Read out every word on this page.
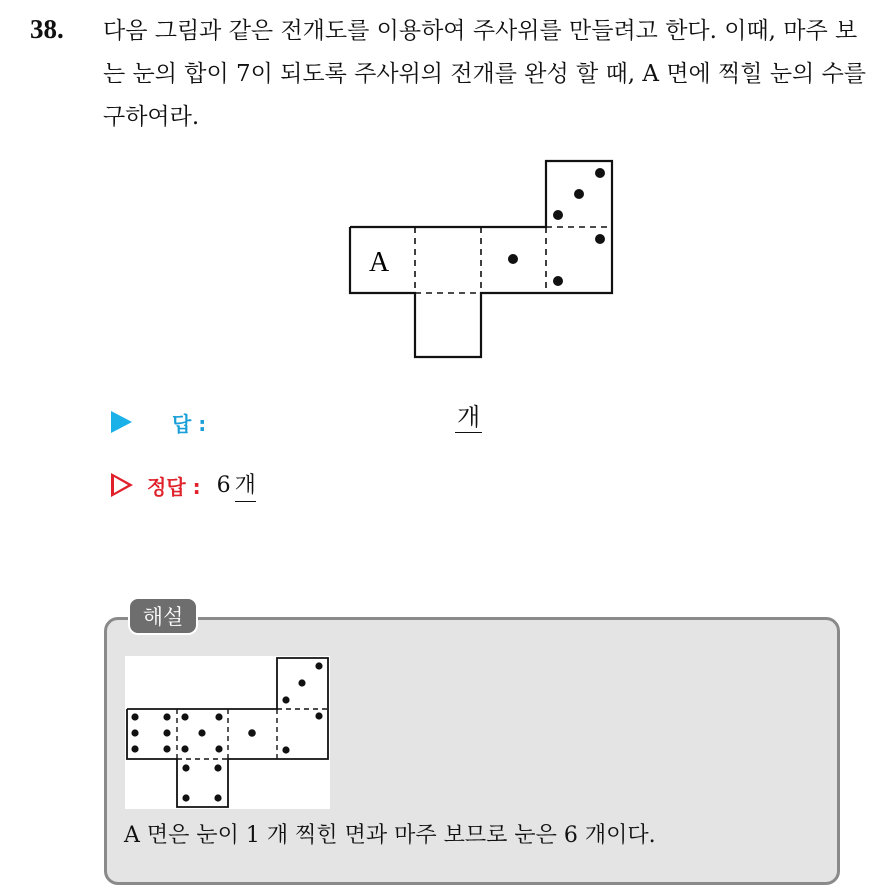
38. 다음 그림과 같은 전개도를 이용하여 주사위를 만들려고 한다. 이때, 마주 보는 눈의 합이 7이 되도록 주사위의 전개를 완성 할 때, A 면에 찍힐 눈의 수를 구하여라.

A
답 :	개
정답 : 6 개
해설

A 면은 눈이 1 개 찍힌 면과 마주 보므로 눈은 6 개이다.
